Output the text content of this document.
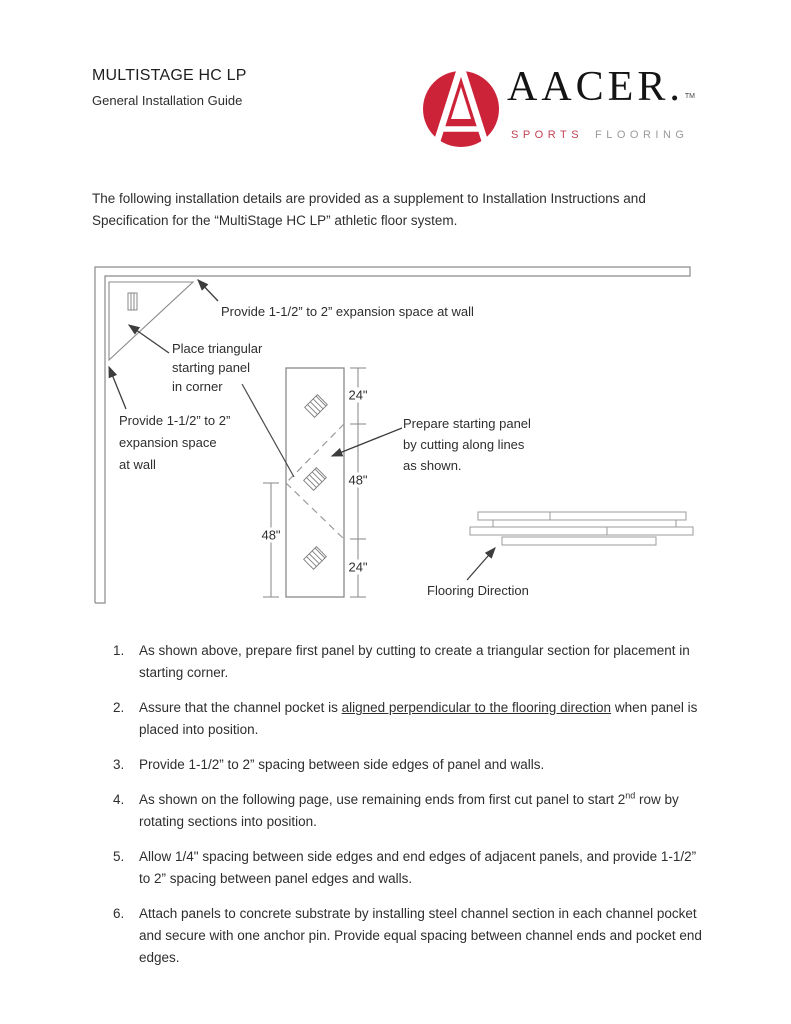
MULTISTAGE HC LP
General Installation Guide	AACER.TM
SPORTS FLOORING
The following installation details are provided as a supplement to Installation Instructions and
Specification for the “MultiStage HC LP” athletic floor system.
Provide 1-1/2” to 2” expansion space at wall
Place triangular
starting panel
in corner
Provide 1-1/2” to 2”
expansion space
at wall
Prepare starting panel
by cutting along lines
as shown.
Flooring Direction
24"
48"
24"
48"
1.	As shown above, prepare first panel by cutting to create a triangular section for placement in starting corner.
2.	Assure that the channel pocket is aligned perpendicular to the flooring direction when panel is placed into position.
3.	Provide 1-1/2” to 2” spacing between side edges of panel and walls.
4.	As shown on the following page, use remaining ends from first cut panel to start 2nd row by rotating sections into position.
5.	Allow 1/4" spacing between side edges and end edges of adjacent panels, and provide 1-1/2” to 2” spacing between panel edges and walls.
6.	Attach panels to concrete substrate by installing steel channel section in each channel pocket and secure with one anchor pin. Provide equal spacing between channel ends and pocket end edges.
